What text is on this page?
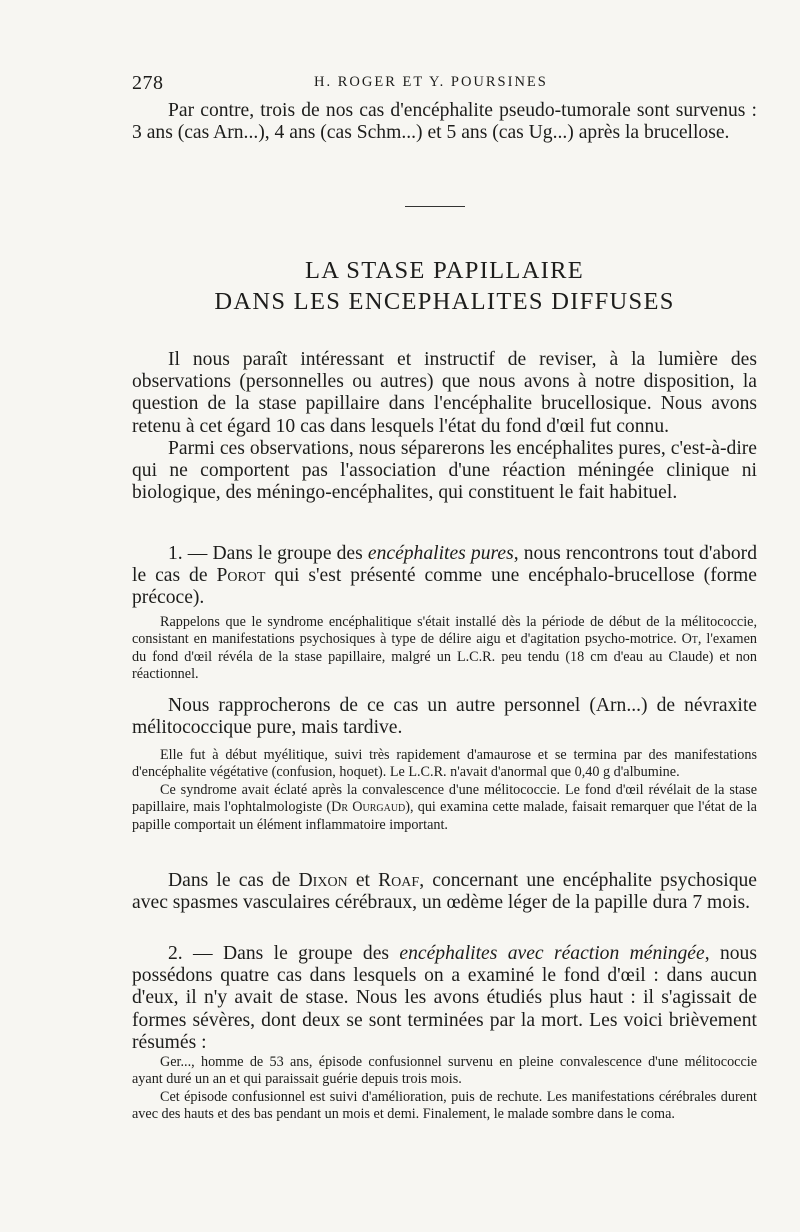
278	H. ROGER ET Y. POURSINES

Par contre, trois de nos cas d'encéphalite pseudo-tumorale sont survenus : 3 ans (cas Arn...), 4 ans (cas Schm...) et 5 ans (cas Ug...) après la brucellose.

LA STASE PAPILLAIRE
DANS LES ENCEPHALITES DIFFUSES

Il nous paraît intéressant et instructif de reviser, à la lumière des observations (personnelles ou autres) que nous avons à notre disposition, la question de la stase papillaire dans l'encéphalite brucellosique. Nous avons retenu à cet égard 10 cas dans lesquels l'état du fond d'œil fut connu.

Parmi ces observations, nous séparerons les encéphalites pures, c'est-à-dire qui ne comportent pas l'association d'une réaction méningée clinique ni biologique, des méningo-encéphalites, qui constituent le fait habituel.

1. — Dans le groupe des encéphalites pures, nous rencontrons tout d'abord le cas de Porot qui s'est présenté comme une encéphalo-brucellose (forme précoce).

Rappelons que le syndrome encéphalitique s'était installé dès la période de début de la mélitococcie, consistant en manifestations psychosiques à type de délire aigu et d'agitation psycho-motrice. Ot, l'examen du fond d'œil révéla de la stase papillaire, malgré un L.C.R. peu tendu (18 cm d'eau au Claude) et non réactionnel.

Nous rapprocherons de ce cas un autre personnel (Arn...) de névraxite mélitococcique pure, mais tardive.

Elle fut à début myélitique, suivi très rapidement d'amaurose et se termina par des manifestations d'encéphalite végétative (confusion, hoquet). Le L.C.R. n'avait d'anormal que 0,40 g d'albumine.

Ce syndrome avait éclaté après la convalescence d'une mélitococcie. Le fond d'œil révélait de la stase papillaire, mais l'ophtalmologiste (Dr Ourgaud), qui examina cette malade, faisait remarquer que l'état de la papille comportait un élément inflammatoire important.

Dans le cas de Dixon et Roaf, concernant une encéphalite psychosique avec spasmes vasculaires cérébraux, un œdème léger de la papille dura 7 mois.

2. — Dans le groupe des encéphalites avec réaction méningée, nous possédons quatre cas dans lesquels on a examiné le fond d'œil : dans aucun d'eux, il n'y avait de stase. Nous les avons étudiés plus haut : il s'agissait de formes sévères, dont deux se sont terminées par la mort. Les voici brièvement résumés :

Ger..., homme de 53 ans, épisode confusionnel survenu en pleine convalescence d'une mélitococcie ayant duré un an et qui paraissait guérie depuis trois mois.

Cet épisode confusionnel est suivi d'amélioration, puis de rechute. Les manifestations cérébrales durent avec des hauts et des bas pendant un mois et demi. Finalement, le malade sombre dans le coma.
